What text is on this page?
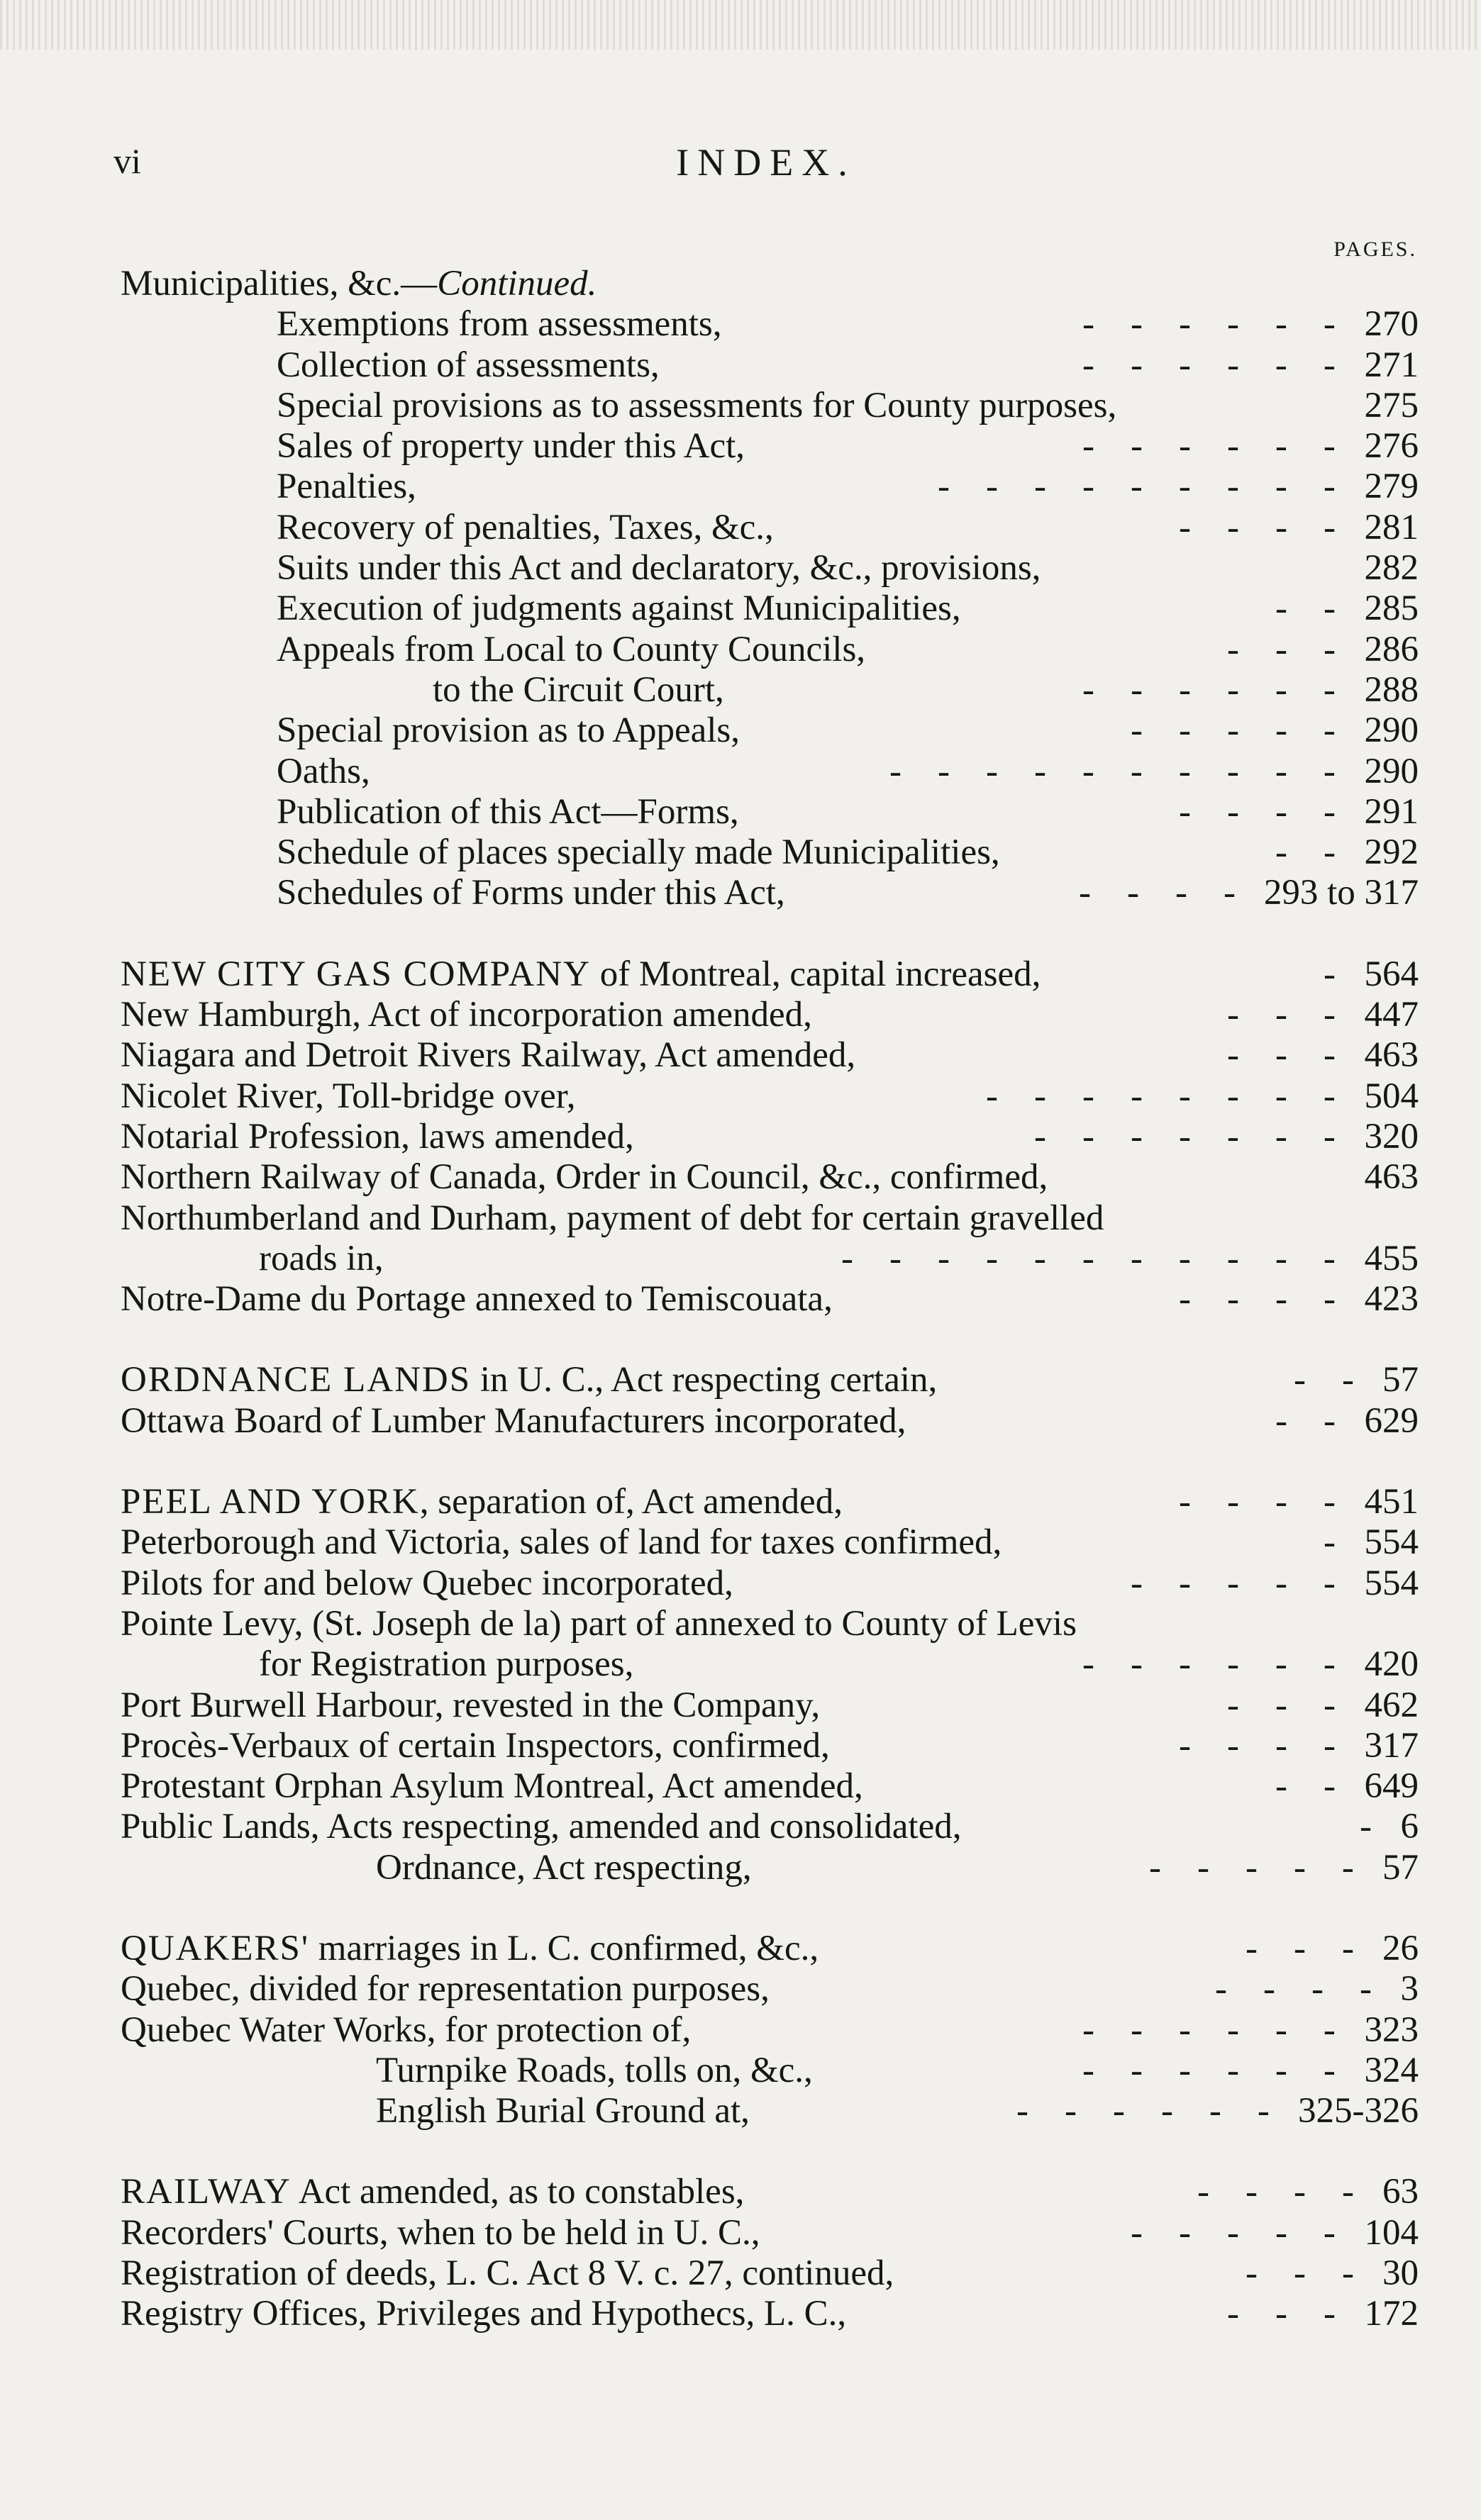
vi	INDEX.
PAGES.
Municipalities, &c.—Continued.
Exemptions from assessments,	-    -    -    -    -    - 270
Collection of assessments,	-    -    -    -    -    - 271
Special provisions as to assessments for County purposes,	275
Sales of property under this Act,	-    -    -    -    -    - 276
Penalties,	-    -    -    -    -    -    -    -    - 279
Recovery of penalties, Taxes, &c.,	-    -    -    - 281
Suits under this Act and declaratory, &c., provisions,	282
Execution of judgments against Municipalities,	-    - 285
Appeals from Local to County Councils,	-    -    - 286
to the Circuit Court,	-    -    -    -    -    - 288
Special provision as to Appeals,	-    -    -    -    - 290
Oaths,	-    -    -    -    -    -    -    -    -    - 290
Publication of this Act—Forms,	-    -    -    - 291
Schedule of places specially made Municipalities,	-    - 292
Schedules of Forms under this Act,	-    -    -    - 293 to 317
NEW CITY GAS COMPANY of Montreal, capital increased,	- 564
New Hamburgh, Act of incorporation amended,	-    -    - 447
Niagara and Detroit Rivers Railway, Act amended,	-    -    - 463
Nicolet River, Toll-bridge over,	-    -    -    -    -    -    -    - 504
Notarial Profession, laws amended,	-    -    -    -    -    -    - 320
Northern Railway of Canada, Order in Council, &c., confirmed,	463
Northumberland and Durham, payment of debt for certain gravelled
roads in,	-    -    -    -    -    -    -    -    -    -    - 455
Notre-Dame du Portage annexed to Temiscouata,	-    -    -    - 423
ORDNANCE LANDS in U. C., Act respecting certain,	-    - 57
Ottawa Board of Lumber Manufacturers incorporated,	-    - 629
PEEL AND YORK, separation of, Act amended,	-    -    -    - 451
Peterborough and Victoria, sales of land for taxes confirmed,	- 554
Pilots for and below Quebec incorporated,	-    -    -    -    - 554
Pointe Levy, (St. Joseph de la) part of annexed to County of Levis
for Registration purposes,	-    -    -    -    -    - 420
Port Burwell Harbour, revested in the Company,	-    -    - 462
Procès-Verbaux of certain Inspectors, confirmed,	-    -    -    - 317
Protestant Orphan Asylum Montreal, Act amended,	-    - 649
Public Lands, Acts respecting, amended and consolidated,	- 6
Ordnance, Act respecting,	-    -    -    -    - 57
QUAKERS' marriages in L. C. confirmed, &c.,	-    -    - 26
Quebec, divided for representation purposes,	-    -    -    - 3
Quebec Water Works, for protection of,	-    -    -    -    -    - 323
Turnpike Roads, tolls on, &c.,	-    -    -    -    -    - 324
English Burial Ground at,	-    -    -    -    -    - 325-326
RAILWAY Act amended, as to constables,	-    -    -    - 63
Recorders' Courts, when to be held in U. C.,	-    -    -    -    - 104
Registration of deeds, L. C. Act 8 V. c. 27, continued,	-    -    - 30
Registry Offices, Privileges and Hypothecs, L. C.,	-    -    - 172
